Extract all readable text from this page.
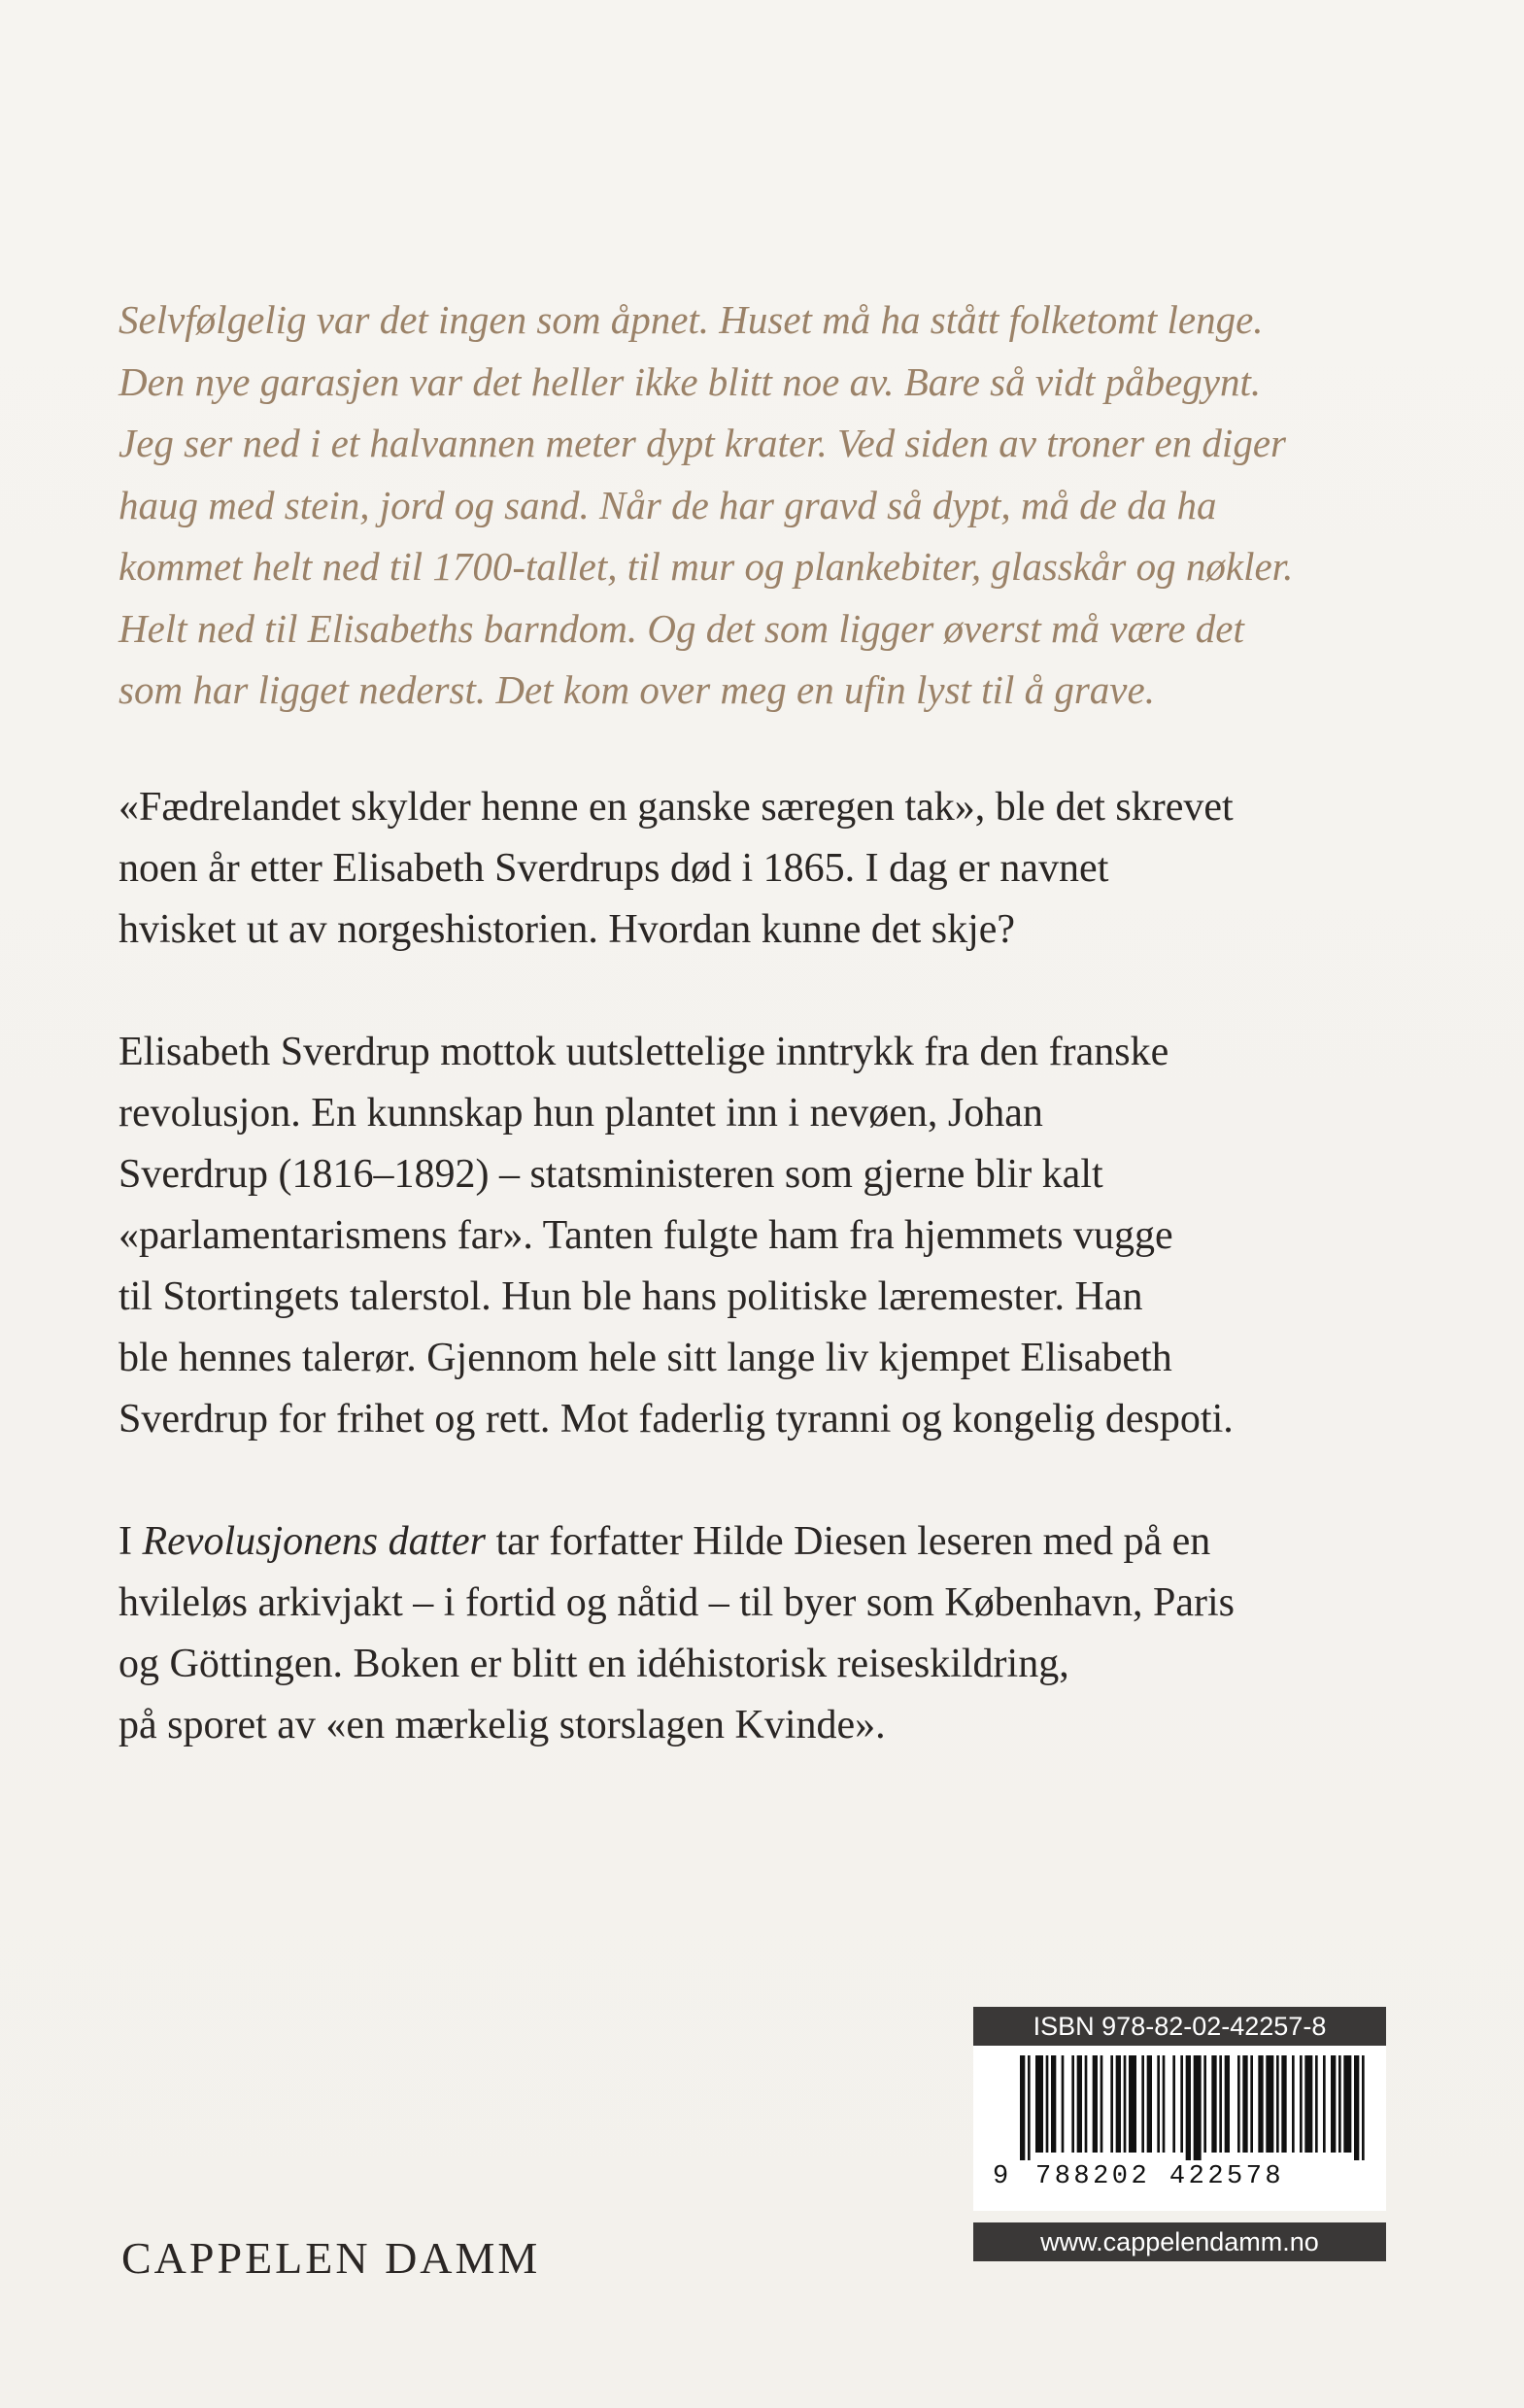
Selvfølgelig var det ingen som åpnet. Huset må ha stått folketomt lenge.
Den nye garasjen var det heller ikke blitt noe av. Bare så vidt påbegynt.
Jeg ser ned i et halvannen meter dypt krater. Ved siden av troner en diger
haug med stein, jord og sand. Når de har gravd så dypt, må de da ha
kommet helt ned til 1700-tallet, til mur og plankebiter, glasskår og nøkler.
Helt ned til Elisabeths barndom. Og det som ligger øverst må være det
som har ligget nederst. Det kom over meg en ufin lyst til å grave.
«Fædrelandet skylder henne en ganske særegen tak», ble det skrevet
noen år etter Elisabeth Sverdrups død i 1865. I dag er navnet
hvisket ut av norgeshistorien. Hvordan kunne det skje?
Elisabeth Sverdrup mottok uutslettelige inntrykk fra den franske
revolusjon. En kunnskap hun plantet inn i nevøen, Johan
Sverdrup (1816–1892) – statsministeren som gjerne blir kalt
«parlamentarismens far». Tanten fulgte ham fra hjemmets vugge
til Stortingets talerstol. Hun ble hans politiske læremester. Han
ble hennes talerør. Gjennom hele sitt lange liv kjempet Elisabeth
Sverdrup for frihet og rett. Mot faderlig tyranni og kongelig despoti.
I Revolusjonens datter tar forfatter Hilde Diesen leseren med på en
hvileløs arkivjakt – i fortid og nåtid – til byer som København, Paris
og Göttingen. Boken er blitt en idéhistorisk reiseskildring,
på sporet av «en mærkelig storslagen Kvinde».
CAPPELEN DAMM
ISBN 978-82-02-42257-8
9 788202 422578
www.cappelendamm.no
